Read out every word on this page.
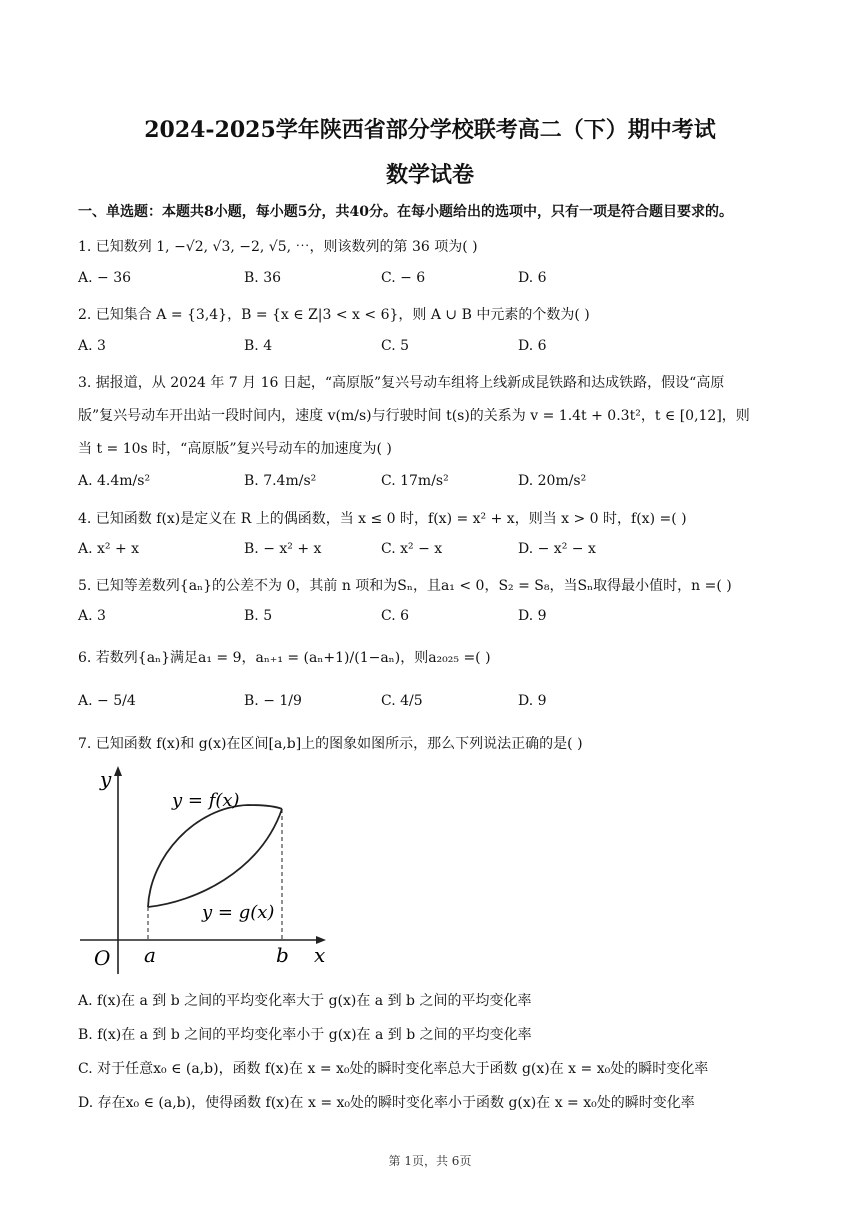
2024-2025学年陕西省部分学校联考高二（下）期中考试
数学试卷
一、单选题：本题共8小题，每小题5分，共40分。在每小题给出的选项中，只有一项是符合题目要求的。
1. 已知数列 1, −√2, √3, −2, √5, ⋯，则该数列的第 36 项为( )
A. − 36	B. 36	C. − 6	D. 6
2. 已知集合 A = {3,4}，B = {x ∈ Z|3 < x < 6}，则 A ∪ B 中元素的个数为( )
A. 3	B. 4	C. 5	D. 6
3. 据报道，从 2024 年 7 月 16 日起，“高原版”复兴号动车组将上线新成昆铁路和达成铁路，假设“高原
版”复兴号动车开出站一段时间内，速度 v(m/s)与行驶时间 t(s)的关系为 v = 1.4t + 0.3t²，t ∈ [0,12]，则
当 t = 10s 时，“高原版”复兴号动车的加速度为( )
A. 4.4m/s²	B. 7.4m/s²	C. 17m/s²	D. 20m/s²
4. 已知函数 f(x)是定义在 R 上的偶函数，当 x ≤ 0 时，f(x) = x² + x，则当 x > 0 时，f(x) =( )
A. x² + x	B. − x² + x	C. x² − x	D. − x² − x
5. 已知等差数列{aₙ}的公差不为 0，其前 n 项和为Sₙ，且a₁ < 0，S₂ = S₈，当Sₙ取得最小值时，n =( )
A. 3	B. 5	C. 6	D. 9
6. 若数列{aₙ}满足a₁ = 9，aₙ₊₁ = (aₙ+1)/(1−aₙ)，则a₂₀₂₅ =( )
A. − 5/4	B. − 1/9	C. 4/5	D. 9
7. 已知函数 f(x)和 g(x)在区间[a,b]上的图象如图所示，那么下列说法正确的是( )
y
x
O a	b
y = f(x)
y = g(x)
A. f(x)在 a 到 b 之间的平均变化率大于 g(x)在 a 到 b 之间的平均变化率
B. f(x)在 a 到 b 之间的平均变化率小于 g(x)在 a 到 b 之间的平均变化率
C. 对于任意x₀ ∈ (a,b)，函数 f(x)在 x = x₀处的瞬时变化率总大于函数 g(x)在 x = x₀处的瞬时变化率
D. 存在x₀ ∈ (a,b)，使得函数 f(x)在 x = x₀处的瞬时变化率小于函数 g(x)在 x = x₀处的瞬时变化率
第 1页，共 6页
